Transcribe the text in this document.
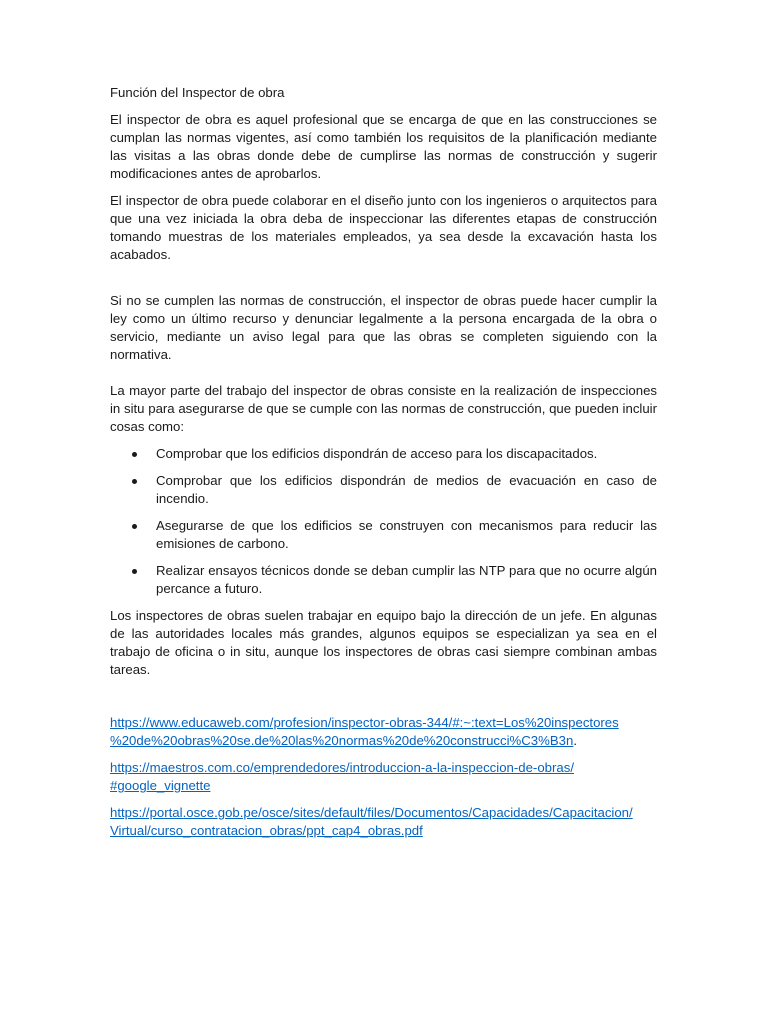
Función del Inspector de obra

El inspector de obra es aquel profesional que se encarga de que en las construcciones se cumplan las normas vigentes, así como también los requisitos de la planificación mediante las visitas a las obras donde debe de cumplirse las normas de construcción y sugerir modificaciones antes de aprobarlos.

El inspector de obra puede colaborar en el diseño junto con los ingenieros o arquitectos para que una vez iniciada la obra deba de inspeccionar las diferentes etapas de construcción tomando muestras de los materiales empleados, ya sea desde la excavación hasta los acabados.

Si no se cumplen las normas de construcción, el inspector de obras puede hacer cumplir la ley como un último recurso y denunciar legalmente a la persona encargada de la obra o servicio, mediante un aviso legal para que las obras se completen siguiendo con la normativa.

La mayor parte del trabajo del inspector de obras consiste en la realización de inspecciones in situ para asegurarse de que se cumple con las normas de construcción, que pueden incluir cosas como:

Comprobar que los edificios dispondrán de acceso para los discapacitados.
Comprobar que los edificios dispondrán de medios de evacuación en caso de incendio.
Asegurarse de que los edificios se construyen con mecanismos para reducir las emisiones de carbono.
Realizar ensayos técnicos donde se deban cumplir las NTP para que no ocurre algún percance a futuro.

Los inspectores de obras suelen trabajar en equipo bajo la dirección de un jefe. En algunas de las autoridades locales más grandes, algunos equipos se especializan ya sea en el trabajo de oficina o in situ, aunque los inspectores de obras casi siempre combinan ambas tareas.

https://www.educaweb.com/profesion/inspector-obras-344/#:~:text=Los%20inspectores
%20de%20obras%20se.de%20las%20normas%20de%20construcci%C3%B3n.

https://maestros.com.co/emprendedores/introduccion-a-la-inspeccion-de-obras/
#google_vignette

https://portal.osce.gob.pe/osce/sites/default/files/Documentos/Capacidades/Capacitacion/
Virtual/curso_contratacion_obras/ppt_cap4_obras.pdf
